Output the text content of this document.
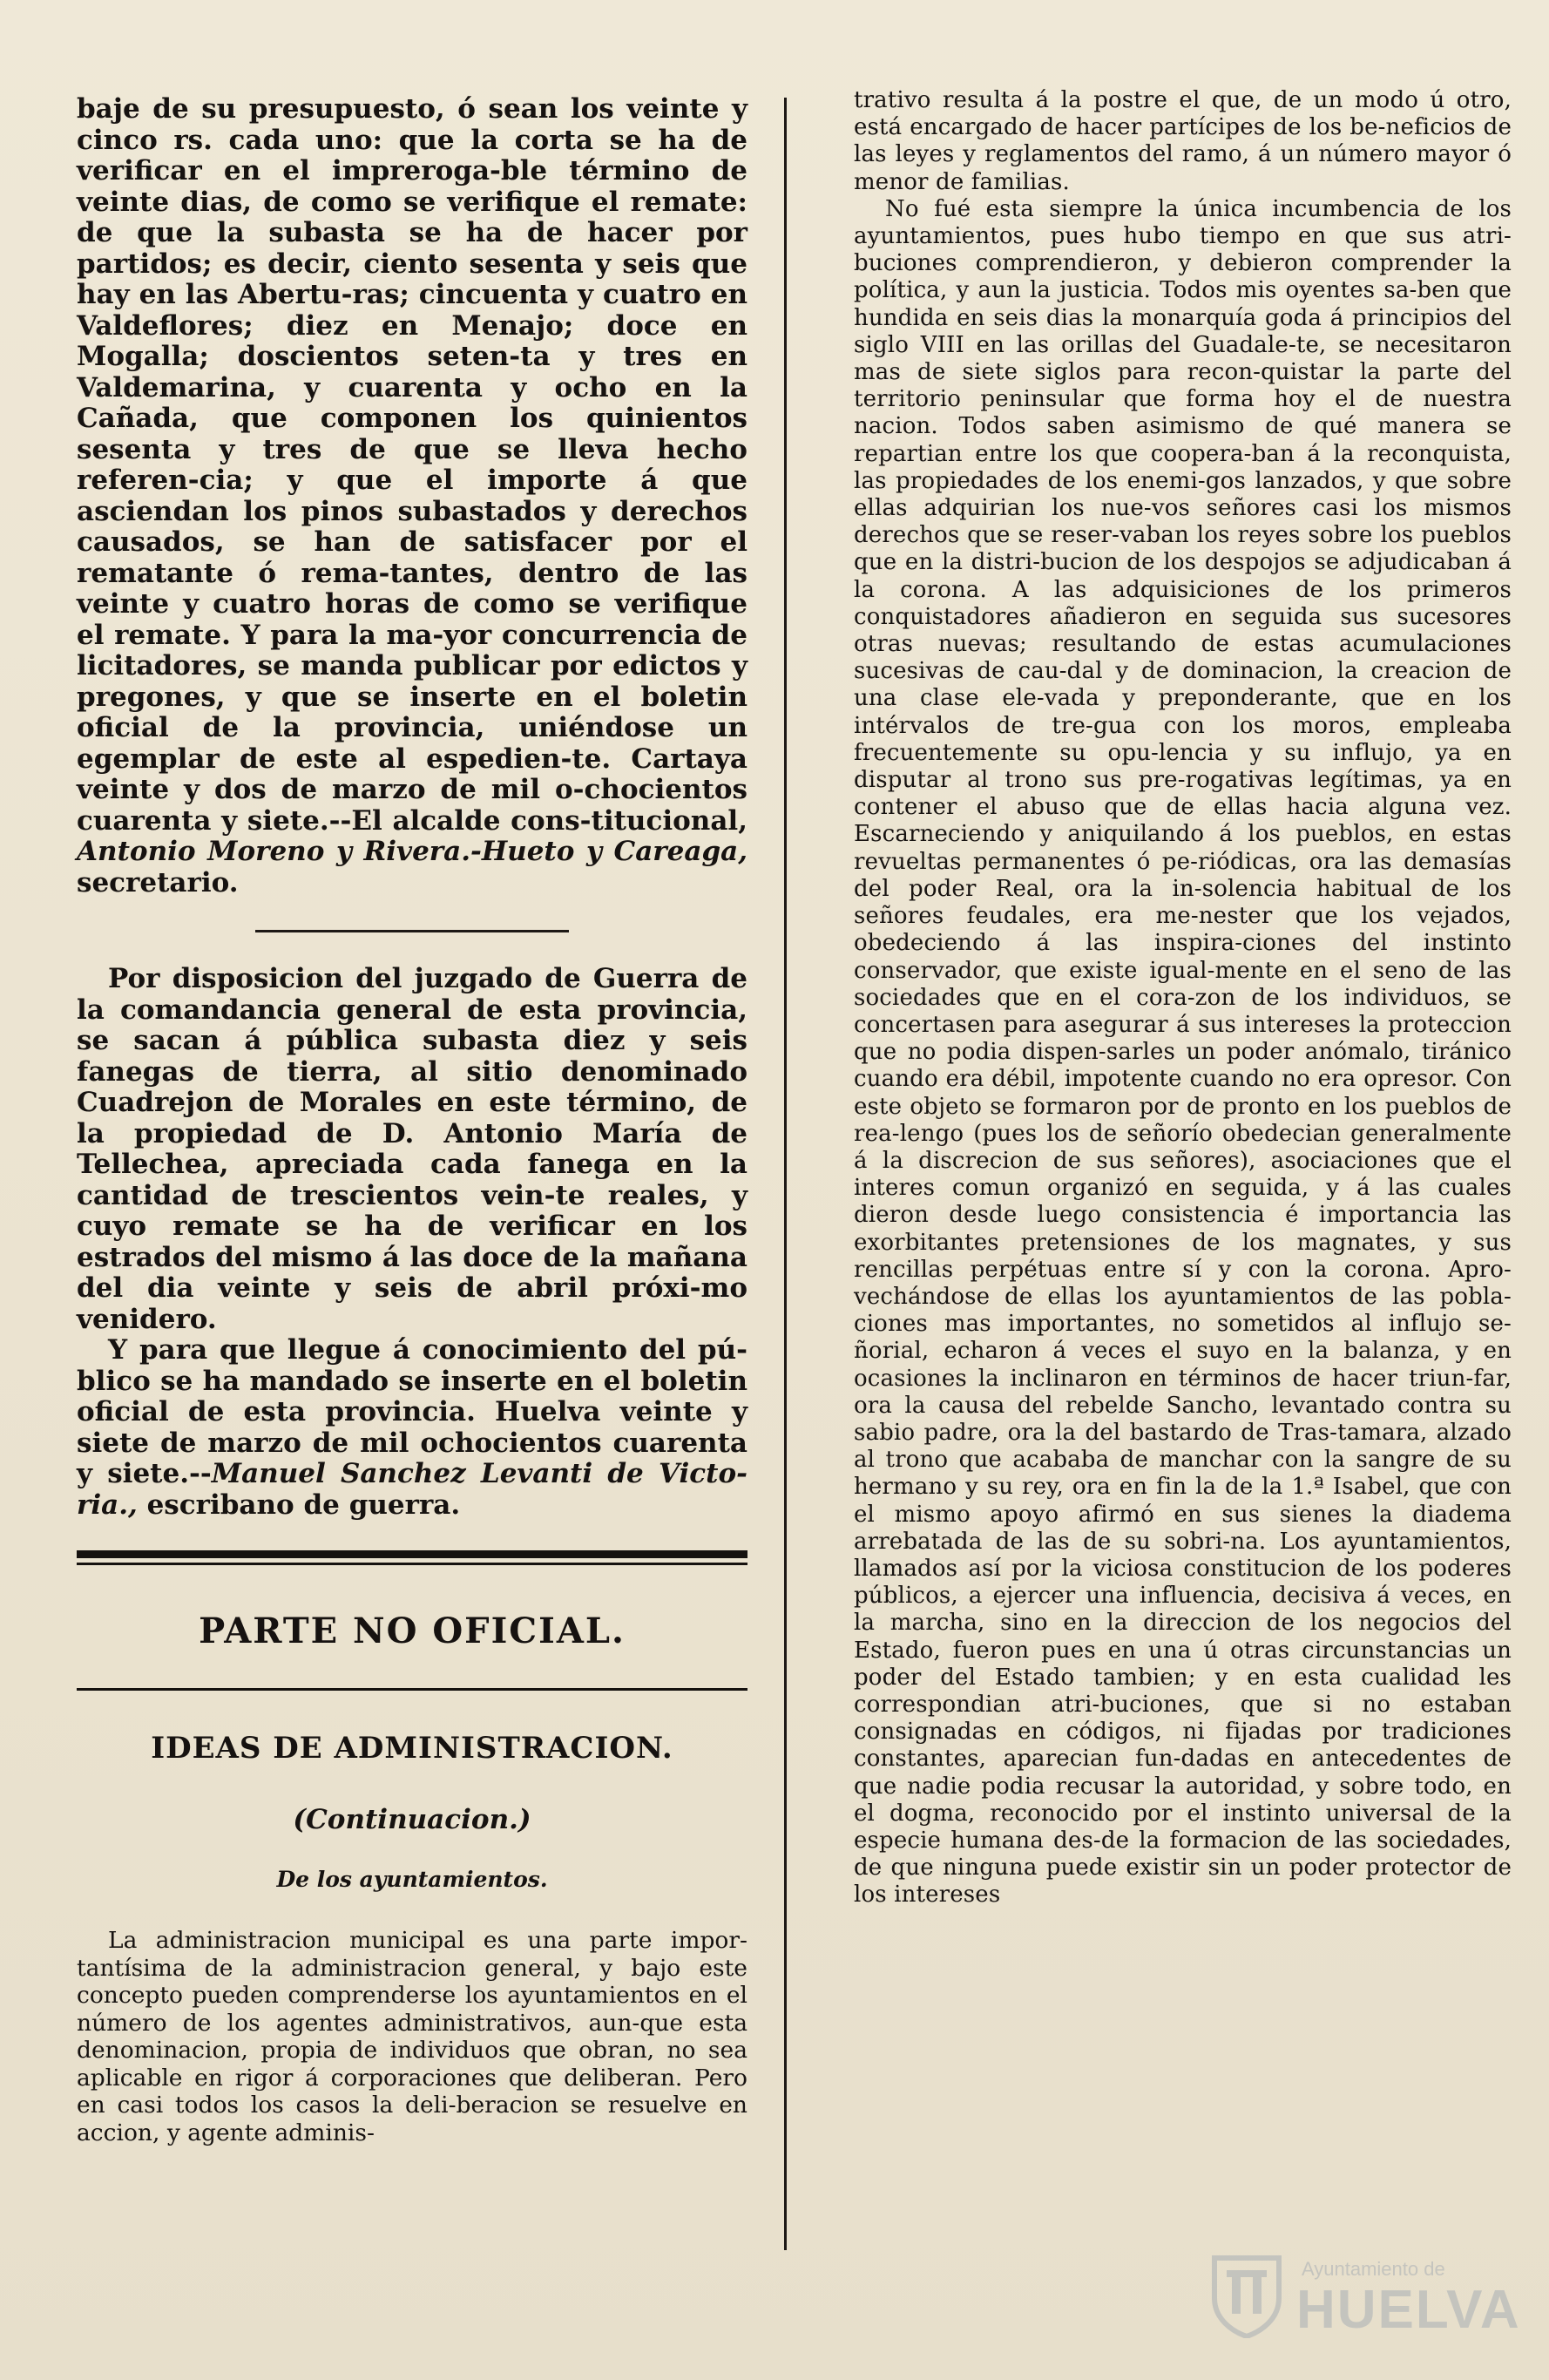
baje de su presupuesto, ó sean los veinte y cinco rs. cada uno: que la corta se ha de verificar en el impreroga-ble término de veinte dias, de como se verifique el remate: de que la subasta se ha de hacer por partidos; es decir, ciento sesenta y seis que hay en las Abertu-ras; cincuenta y cuatro en Valdeflores; diez en Menajo; doce en Mogalla; doscientos seten-ta y tres en Valdemarina, y cuarenta y ocho en la Cañada, que componen los quinientos sesenta y tres de que se lleva hecho referen-cia; y que el importe á que asciendan los pinos subastados y derechos causados, se han de satisfacer por el rematante ó rema-tantes, dentro de las veinte y cuatro horas de como se verifique el remate. Y para la ma-yor concurrencia de licitadores, se manda publicar por edictos y pregones, y que se inserte en el boletin oficial de la provincia, uniéndose un egemplar de este al espedien-te. Cartaya veinte y dos de marzo de mil o-chocientos cuarenta y siete.--El alcalde cons-titucional, Antonio Moreno y Rivera.-Hueto y Careaga, secretario.

Por disposicion del juzgado de Guerra de la comandancia general de esta provincia, se sacan á pública subasta diez y seis fanegas de tierra, al sitio denominado Cuadrejon de Morales en este término, de la propiedad de D. Antonio María de Tellechea, apreciada cada fanega en la cantidad de trescientos vein-te reales, y cuyo remate se ha de verificar en los estrados del mismo á las doce de la mañana del dia veinte y seis de abril próxi-mo venidero.

Y para que llegue á conocimiento del pú-blico se ha mandado se inserte en el boletin oficial de esta provincia. Huelva veinte y siete de marzo de mil ochocientos cuarenta y siete.--Manuel Sanchez Levanti de Victo-ria., escribano de guerra.

PARTE NO OFICIAL.
IDEAS DE ADMINISTRACION.
(Continuacion.)
De los ayuntamientos.

La administracion municipal es una parte impor-tantísima de la administracion general, y bajo este concepto pueden comprenderse los ayuntamientos en el número de los agentes administrativos, aun-que esta denominacion, propia de individuos que obran, no sea aplicable en rigor á corporaciones que deliberan. Pero en casi todos los casos la deli-beracion se resuelve en accion, y agente adminis-

trativo resulta á la postre el que, de un modo ú otro, está encargado de hacer partícipes de los be-neficios de las leyes y reglamentos del ramo, á un número mayor ó menor de familias.

No fué esta siempre la única incumbencia de los ayuntamientos, pues hubo tiempo en que sus atri-buciones comprendieron, y debieron comprender la política, y aun la justicia. Todos mis oyentes sa-ben que hundida en seis dias la monarquía goda á principios del siglo VIII en las orillas del Guadale-te, se necesitaron mas de siete siglos para recon-quistar la parte del territorio peninsular que forma hoy el de nuestra nacion. Todos saben asimismo de qué manera se repartian entre los que coopera-ban á la reconquista, las propiedades de los enemi-gos lanzados, y que sobre ellas adquirian los nue-vos señores casi los mismos derechos que se reser-vaban los reyes sobre los pueblos que en la distri-bucion de los despojos se adjudicaban á la corona. A las adquisiciones de los primeros conquistadores añadieron en seguida sus sucesores otras nuevas; resultando de estas acumulaciones sucesivas de cau-dal y de dominacion, la creacion de una clase ele-vada y preponderante, que en los intérvalos de tre-gua con los moros, empleaba frecuentemente su opu-lencia y su influjo, ya en disputar al trono sus pre-rogativas legítimas, ya en contener el abuso que de ellas hacia alguna vez. Escarneciendo y aniquilando á los pueblos, en estas revueltas permanentes ó pe-riódicas, ora las demasías del poder Real, ora la in-solencia habitual de los señores feudales, era me-nester que los vejados, obedeciendo á las inspira-ciones del instinto conservador, que existe igual-mente en el seno de las sociedades que en el cora-zon de los individuos, se concertasen para asegurar á sus intereses la proteccion que no podia dispen-sarles un poder anómalo, tiránico cuando era débil, impotente cuando no era opresor. Con este objeto se formaron por de pronto en los pueblos de rea-lengo (pues los de señorío obedecian generalmente á la discrecion de sus señores), asociaciones que el interes comun organizó en seguida, y á las cuales dieron desde luego consistencia é importancia las exorbitantes pretensiones de los magnates, y sus rencillas perpétuas entre sí y con la corona. Apro-vechándose de ellas los ayuntamientos de las pobla-ciones mas importantes, no sometidos al influjo se-ñorial, echaron á veces el suyo en la balanza, y en ocasiones la inclinaron en términos de hacer triun-far, ora la causa del rebelde Sancho, levantado contra su sabio padre, ora la del bastardo de Tras-tamara, alzado al trono que acababa de manchar con la sangre de su hermano y su rey, ora en fin la de la 1.ª Isabel, que con el mismo apoyo afirmó en sus sienes la diadema arrebatada de las de su sobri-na. Los ayuntamientos, llamados así por la viciosa constitucion de los poderes públicos, a ejercer una influencia, decisiva á veces, en la marcha, sino en la direccion de los negocios del Estado, fueron pues en una ú otras circunstancias un poder del Estado tambien; y en esta cualidad les correspondian atri-buciones, que si no estaban consignadas en códigos, ni fijadas por tradiciones constantes, aparecian fun-dadas en antecedentes de que nadie podia recusar la autoridad, y sobre todo, en el dogma, reconocido por el instinto universal de la especie humana des-de la formacion de las sociedades, de que ninguna puede existir sin un poder protector de los intereses

Ayuntamiento de
HUELVA
